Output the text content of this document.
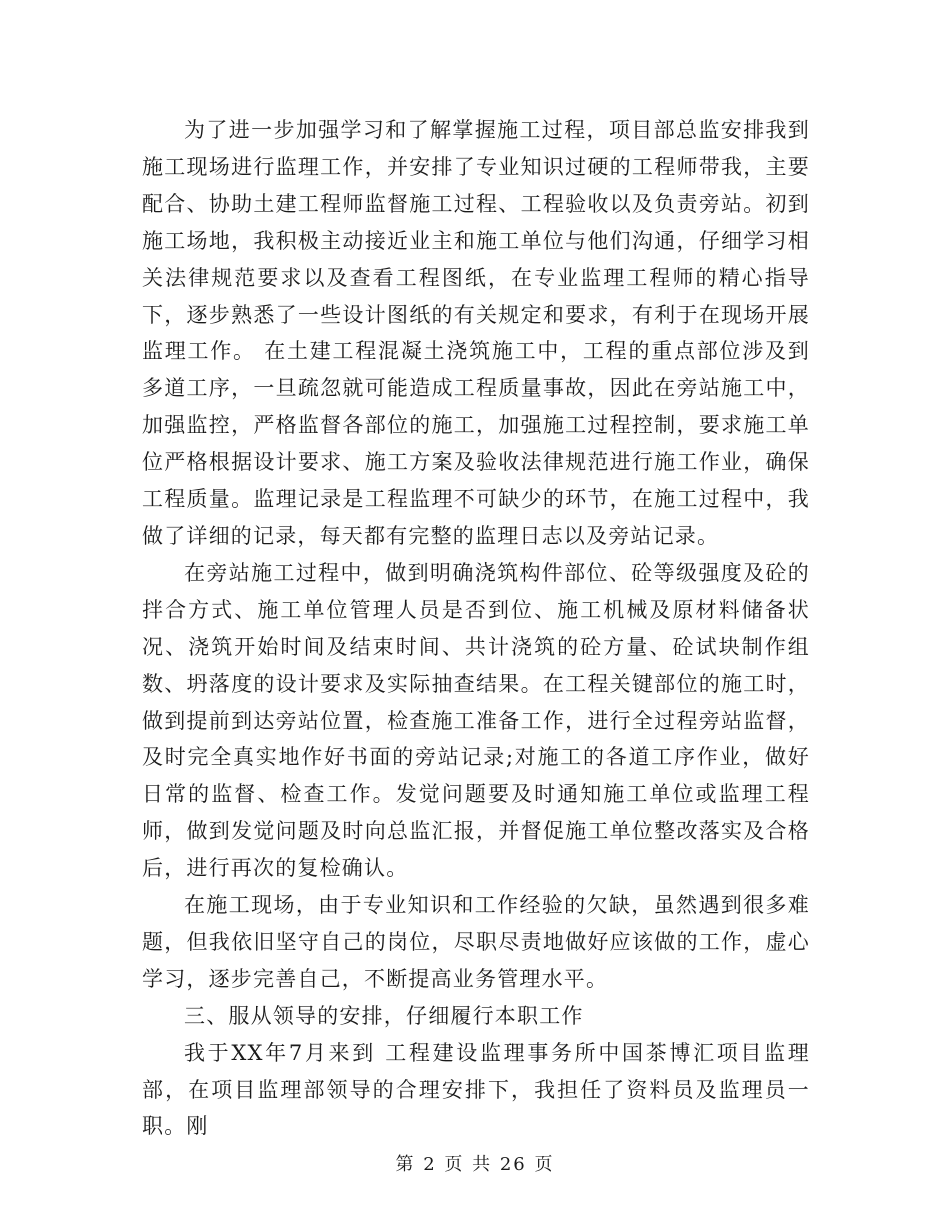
为了进一步加强学习和了解掌握施工过程，项目部总监安排我到施工现场进行监理工作，并安排了专业知识过硬的工程师带我，主要配合、协助土建工程师监督施工过程、工程验收以及负责旁站。初到施工场地，我积极主动接近业主和施工单位与他们沟通，仔细学习相关法律规范要求以及查看工程图纸，在专业监理工程师的精心指导下，逐步熟悉了一些设计图纸的有关规定和要求，有利于在现场开展监理工作。 在土建工程混凝土浇筑施工中，工程的重点部位涉及到多道工序，一旦疏忽就可能造成工程质量事故，因此在旁站施工中，加强监控，严格监督各部位的施工，加强施工过程控制，要求施工单位严格根据设计要求、施工方案及验收法律规范进行施工作业，确保工程质量。监理记录是工程监理不可缺少的环节，在施工过程中，我做了详细的记录，每天都有完整的监理日志以及旁站记录。

在旁站施工过程中，做到明确浇筑构件部位、砼等级强度及砼的拌合方式、施工单位管理人员是否到位、施工机械及原材料储备状况、浇筑开始时间及结束时间、共计浇筑的砼方量、砼试块制作组数、坍落度的设计要求及实际抽查结果。在工程关键部位的施工时，做到提前到达旁站位置，检查施工准备工作，进行全过程旁站监督，及时完全真实地作好书面的旁站记录;对施工的各道工序作业，做好日常的监督、检查工作。发觉问题要及时通知施工单位或监理工程师，做到发觉问题及时向总监汇报，并督促施工单位整改落实及合格后，进行再次的复检确认。

在施工现场，由于专业知识和工作经验的欠缺，虽然遇到很多难题，但我依旧坚守自己的岗位，尽职尽责地做好应该做的工作，虚心学习，逐步完善自己，不断提高业务管理水平。

三、服从领导的安排，仔细履行本职工作

我于XX年7月来到 工程建设监理事务所中国茶博汇项目监理部，在项目监理部领导的合理安排下，我担任了资料员及监理员一职。刚

第 2 页 共 26 页
